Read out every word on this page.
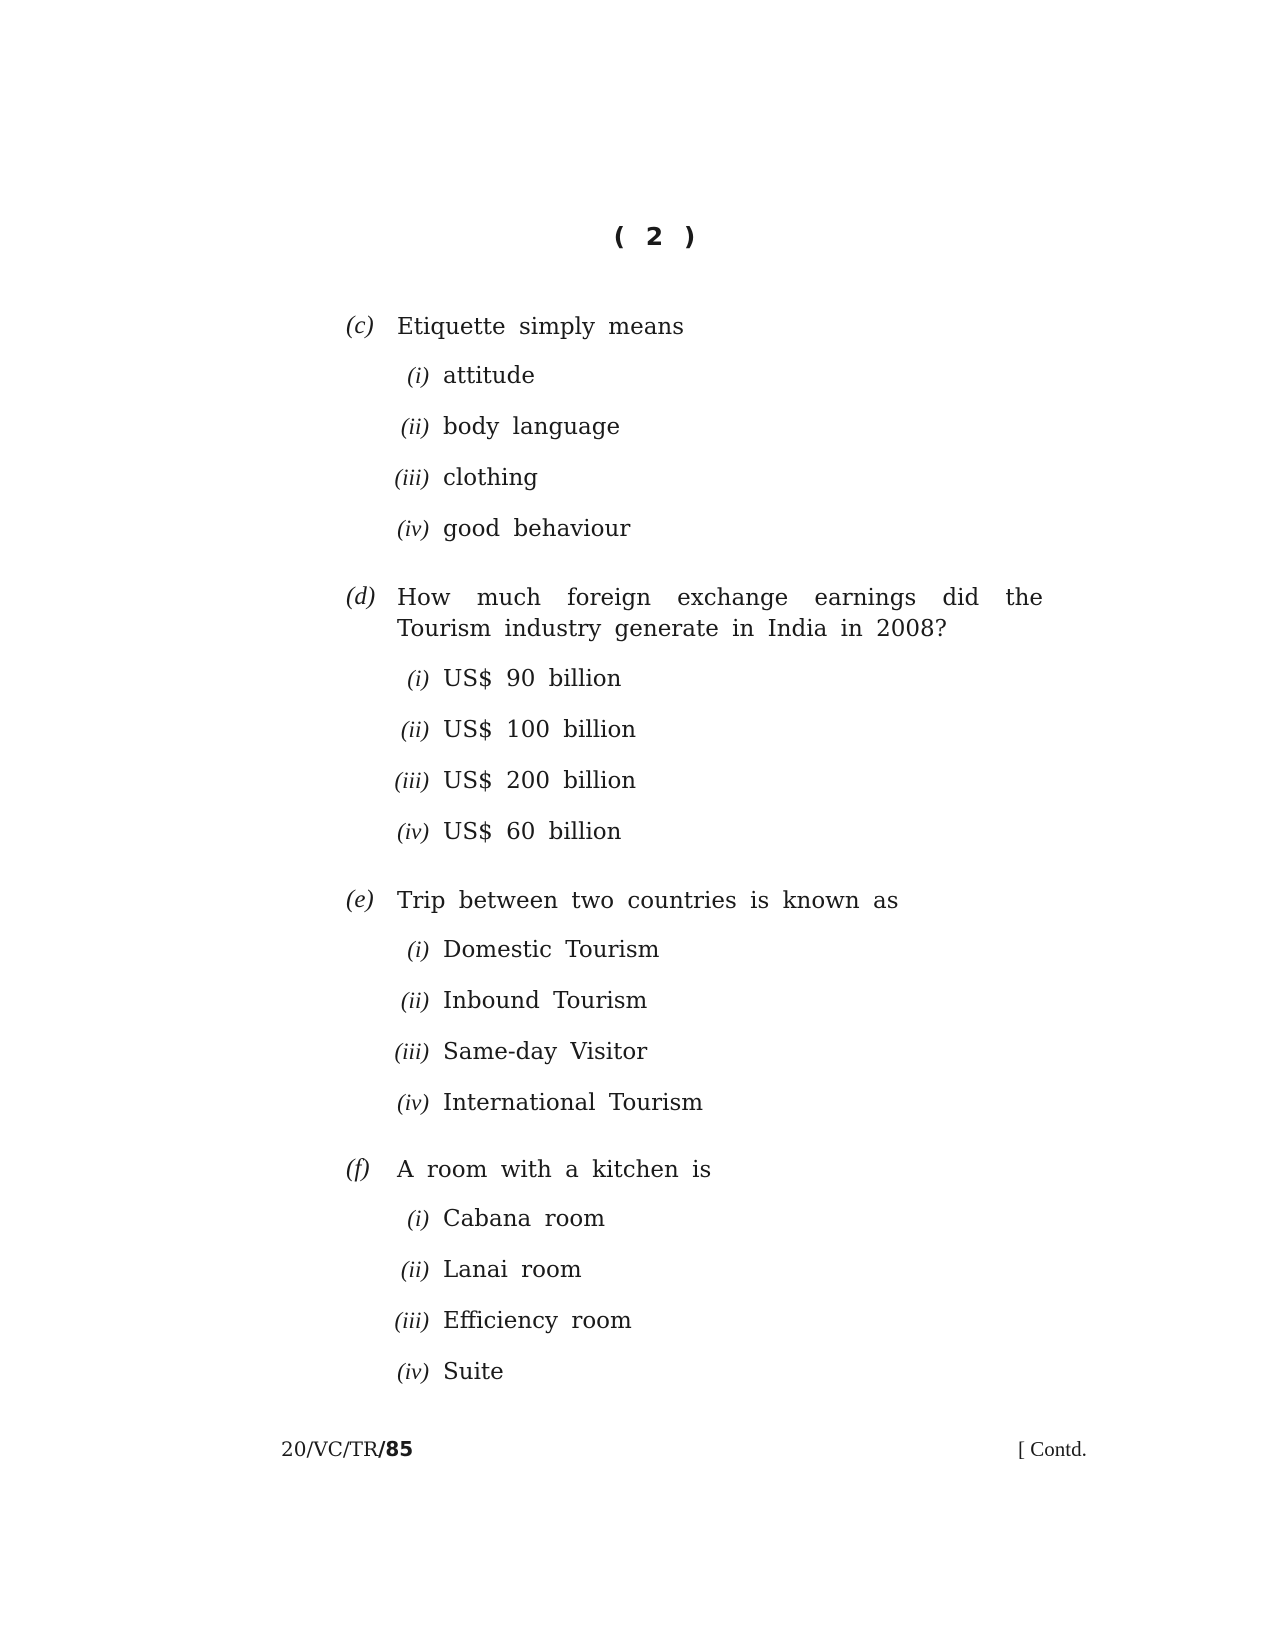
( 2 )
(c) Etiquette simply means
(i) attitude
(ii) body language
(iii) clothing
(iv) good behaviour
(d) How much foreign exchange earnings did the Tourism industry generate in India in 2008?
(i) US$ 90 billion
(ii) US$ 100 billion
(iii) US$ 200 billion
(iv) US$ 60 billion
(e) Trip between two countries is known as
(i) Domestic Tourism
(ii) Inbound Tourism
(iii) Same-day Visitor
(iv) International Tourism
(f) A room with a kitchen is
(i) Cabana room
(ii) Lanai room
(iii) Efficiency room
(iv) Suite
20/VC/TR/85	[ Contd.
